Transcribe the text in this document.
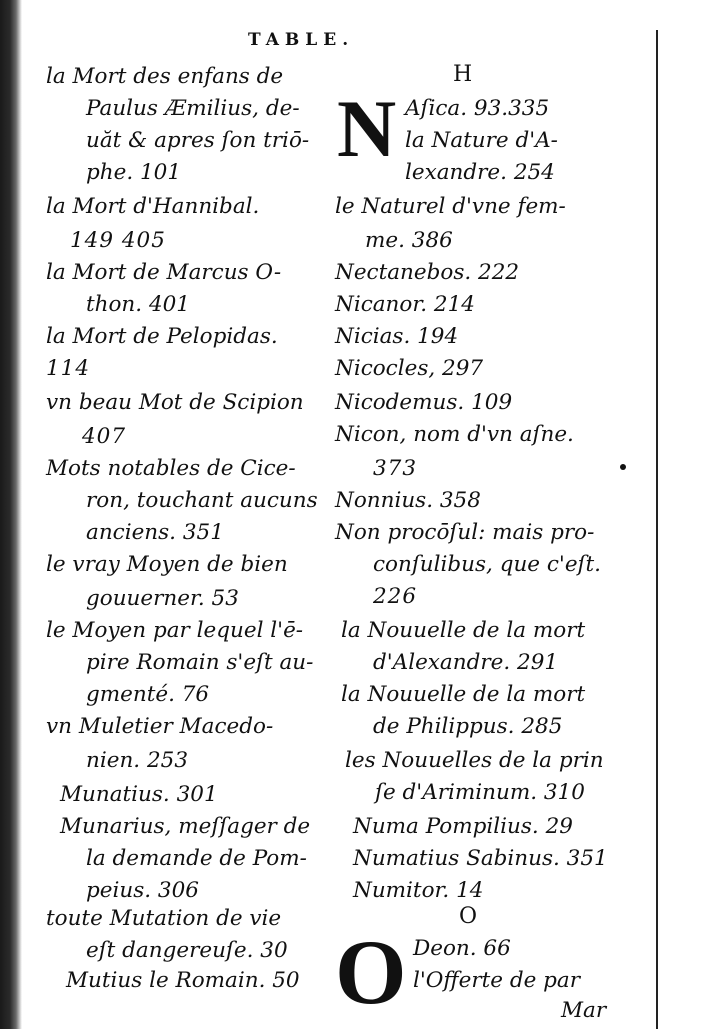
TABLE.
la Mort des enfans de
Paulus Æmilius, de-
uăt & apres ſon triō-
phe. 101
la Mort d'Hannibal.
149 405
la Mort de Marcus O-
thon. 401
la Mort de Pelopidas.
114
vn beau Mot de Scipion
407
Mots notables de Cice-
ron, touchant aucuns
anciens. 351
le vray Moyen de bien
gouuerner. 53
le Moyen par lequel l'ē-
pire Romain s'eſt au-
gmenté. 76
vn Muletier Macedo-
nien. 253
Munatius. 301
Munarius, meſſager de
la demande de Pom-
peius. 306
toute Mutation de vie
eſt dangereuſe. 30
Mutius le Romain. 50
H
N Aſica. 93.335
la Nature d'A-
lexandre. 254
le Naturel d'vne fem-
me. 386
Nectanebos. 222
Nicanor. 214
Nicias. 194
Nicocles, 297
Nicodemus. 109
Nicon, nom d'vn aſne.
373
Nonnius. 358
Non procōſul: mais pro-
conſulibus, que c'eſt.
226
la Nouuelle de la mort
d'Alexandre. 291
la Nouuelle de la mort
de Philippus. 285
les Nouuelles de la prin
ſe d'Ariminum. 310
Numa Pompilius. 29
Numatius Sabinus. 351
Numitor. 14
O
O Deon. 66
l'Offerte de par
Mar
